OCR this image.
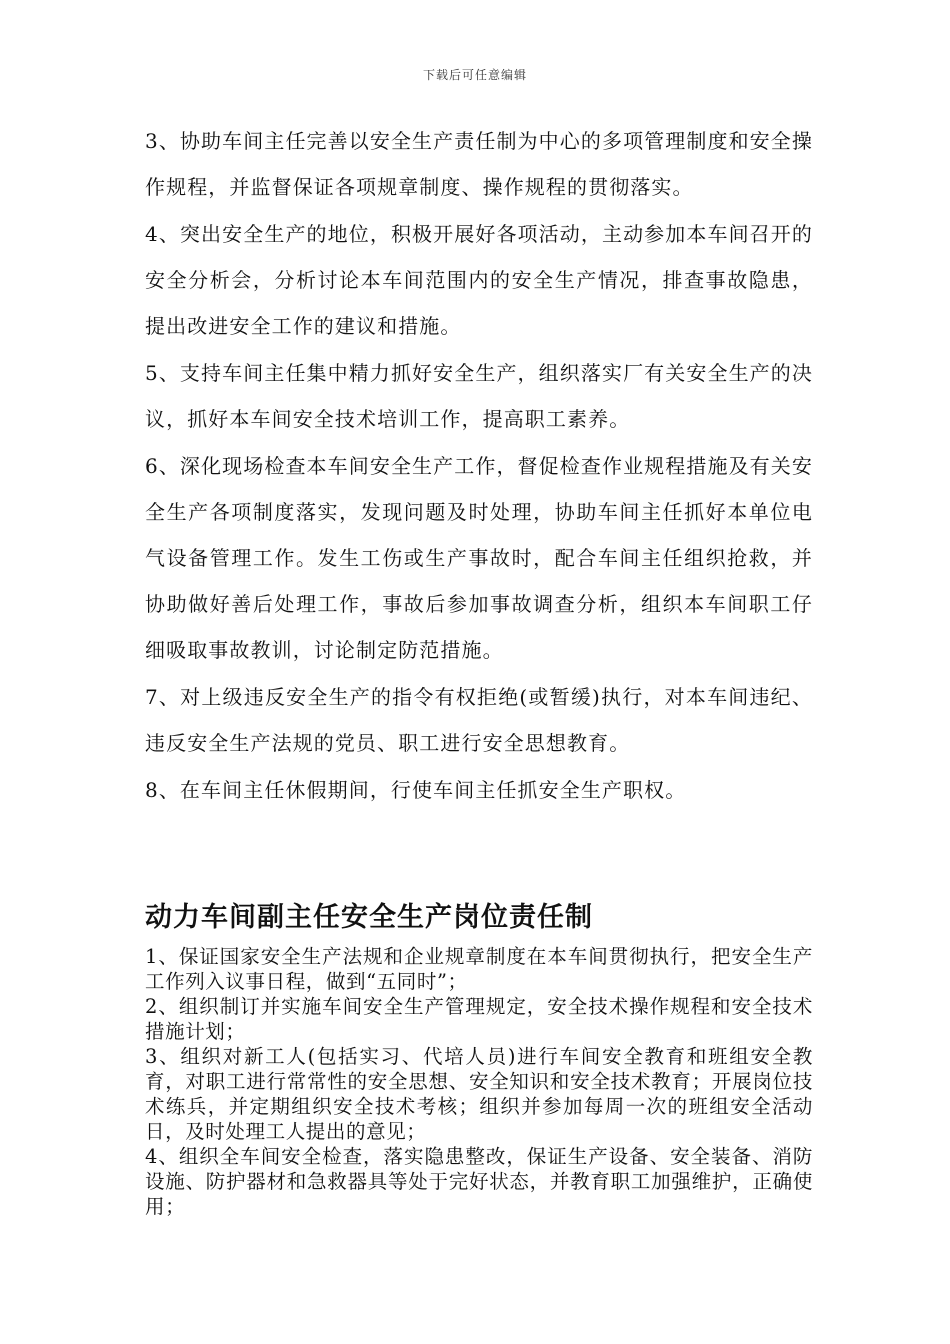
下载后可任意编辑

3、协助车间主任完善以安全生产责任制为中心的多项管理制度和安全操作规程，并监督保证各项规章制度、操作规程的贯彻落实。

4、突出安全生产的地位，积极开展好各项活动，主动参加本车间召开的安全分析会，分析讨论本车间范围内的安全生产情况，排查事故隐患，提出改进安全工作的建议和措施。

5、支持车间主任集中精力抓好安全生产，组织落实厂有关安全生产的决议，抓好本车间安全技术培训工作，提高职工素养。

6、深化现场检查本车间安全生产工作，督促检查作业规程措施及有关安全生产各项制度落实，发现问题及时处理，协助车间主任抓好本单位电气设备管理工作。发生工伤或生产事故时，配合车间主任组织抢救，并协助做好善后处理工作，事故后参加事故调查分析，组织本车间职工仔细吸取事故教训，讨论制定防范措施。

7、对上级违反安全生产的指令有权拒绝(或暂缓)执行，对本车间违纪、违反安全生产法规的党员、职工进行安全思想教育。

8、在车间主任休假期间，行使车间主任抓安全生产职权。

动力车间副主任安全生产岗位责任制

1、保证国家安全生产法规和企业规章制度在本车间贯彻执行，把安全生产工作列入议事日程，做到“五同时”；

2、组织制订并实施车间安全生产管理规定，安全技术操作规程和安全技术措施计划；

3、组织对新工人(包括实习、代培人员)进行车间安全教育和班组安全教育，对职工进行常常性的安全思想、安全知识和安全技术教育；开展岗位技术练兵，并定期组织安全技术考核；组织并参加每周一次的班组安全活动日，及时处理工人提出的意见；

4、组织全车间安全检查，落实隐患整改，保证生产设备、安全装备、消防设施、防护器材和急救器具等处于完好状态，并教育职工加强维护，正确使用；
